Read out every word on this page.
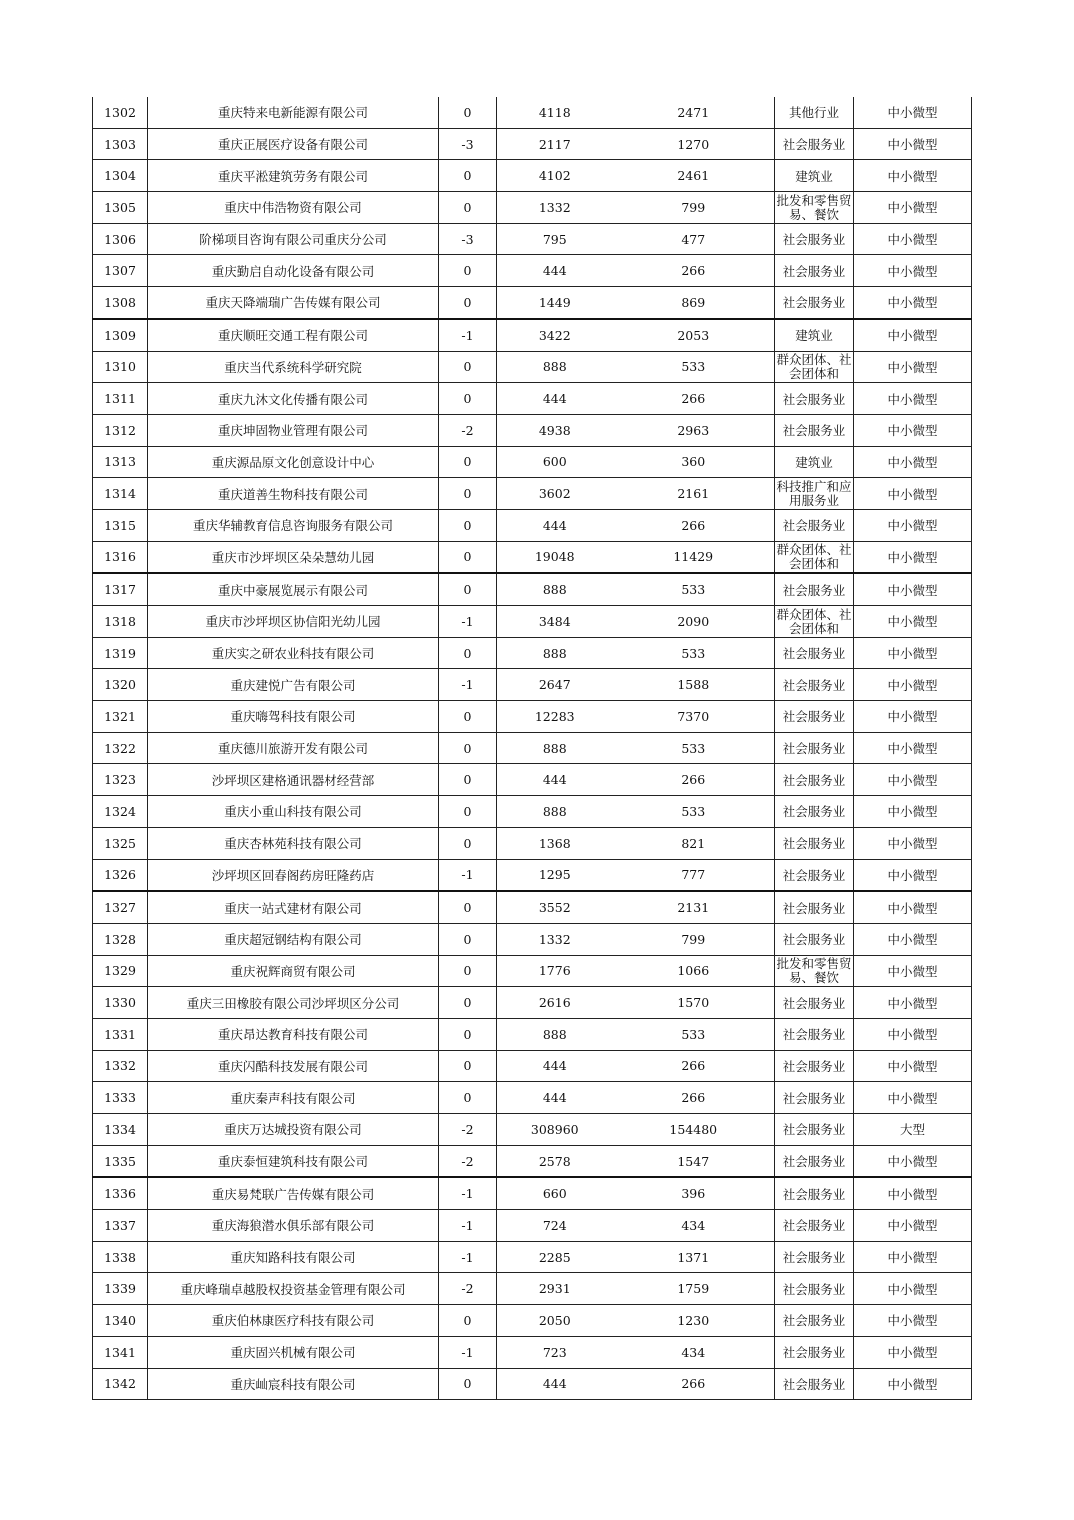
1302	重庆特来电新能源有限公司	0	4118	2471	其他行业	中小微型
1303	重庆正展医疗设备有限公司	-3	2117	1270	社会服务业	中小微型
1304	重庆平淞建筑劳务有限公司	0	4102	2461	建筑业	中小微型
1305	重庆中伟浩物资有限公司	0	1332	799	批发和零售贸易、餐饮	中小微型
1306	阶梯项目咨询有限公司重庆分公司	-3	795	477	社会服务业	中小微型
1307	重庆勤启自动化设备有限公司	0	444	266	社会服务业	中小微型
1308	重庆天降端瑞广告传媒有限公司	0	1449	869	社会服务业	中小微型
1309	重庆顺旺交通工程有限公司	-1	3422	2053	建筑业	中小微型
1310	重庆当代系统科学研究院	0	888	533	群众团体、社会团体和	中小微型
1311	重庆九沐文化传播有限公司	0	444	266	社会服务业	中小微型
1312	重庆坤固物业管理有限公司	-2	4938	2963	社会服务业	中小微型
1313	重庆源品原文化创意设计中心	0	600	360	建筑业	中小微型
1314	重庆道善生物科技有限公司	0	3602	2161	科技推广和应用服务业	中小微型
1315	重庆华辅教育信息咨询服务有限公司	0	444	266	社会服务业	中小微型
1316	重庆市沙坪坝区朵朵慧幼儿园	0	19048	11429	群众团体、社会团体和	中小微型
1317	重庆中豪展览展示有限公司	0	888	533	社会服务业	中小微型
1318	重庆市沙坪坝区协信阳光幼儿园	-1	3484	2090	群众团体、社会团体和	中小微型
1319	重庆实之研农业科技有限公司	0	888	533	社会服务业	中小微型
1320	重庆建悦广告有限公司	-1	2647	1588	社会服务业	中小微型
1321	重庆嗨驾科技有限公司	0	12283	7370	社会服务业	中小微型
1322	重庆德川旅游开发有限公司	0	888	533	社会服务业	中小微型
1323	沙坪坝区建格通讯器材经营部	0	444	266	社会服务业	中小微型
1324	重庆小重山科技有限公司	0	888	533	社会服务业	中小微型
1325	重庆杏林苑科技有限公司	0	1368	821	社会服务业	中小微型
1326	沙坪坝区回春阁药房旺隆药店	-1	1295	777	社会服务业	中小微型
1327	重庆一站式建材有限公司	0	3552	2131	社会服务业	中小微型
1328	重庆超冠钢结构有限公司	0	1332	799	社会服务业	中小微型
1329	重庆祝辉商贸有限公司	0	1776	1066	批发和零售贸易、餐饮	中小微型
1330	重庆三田橡胶有限公司沙坪坝区分公司	0	2616	1570	社会服务业	中小微型
1331	重庆昂达教育科技有限公司	0	888	533	社会服务业	中小微型
1332	重庆闪酷科技发展有限公司	0	444	266	社会服务业	中小微型
1333	重庆秦声科技有限公司	0	444	266	社会服务业	中小微型
1334	重庆万达城投资有限公司	-2	308960	154480	社会服务业	大型
1335	重庆泰恒建筑科技有限公司	-2	2578	1547	社会服务业	中小微型
1336	重庆易梵联广告传媒有限公司	-1	660	396	社会服务业	中小微型
1337	重庆海狼潜水俱乐部有限公司	-1	724	434	社会服务业	中小微型
1338	重庆知路科技有限公司	-1	2285	1371	社会服务业	中小微型
1339	重庆峰瑞卓越股权投资基金管理有限公司	-2	2931	1759	社会服务业	中小微型
1340	重庆伯林康医疗科技有限公司	0	2050	1230	社会服务业	中小微型
1341	重庆固兴机械有限公司	-1	723	434	社会服务业	中小微型
1342	重庆屾宸科技有限公司	0	444	266	社会服务业	中小微型
